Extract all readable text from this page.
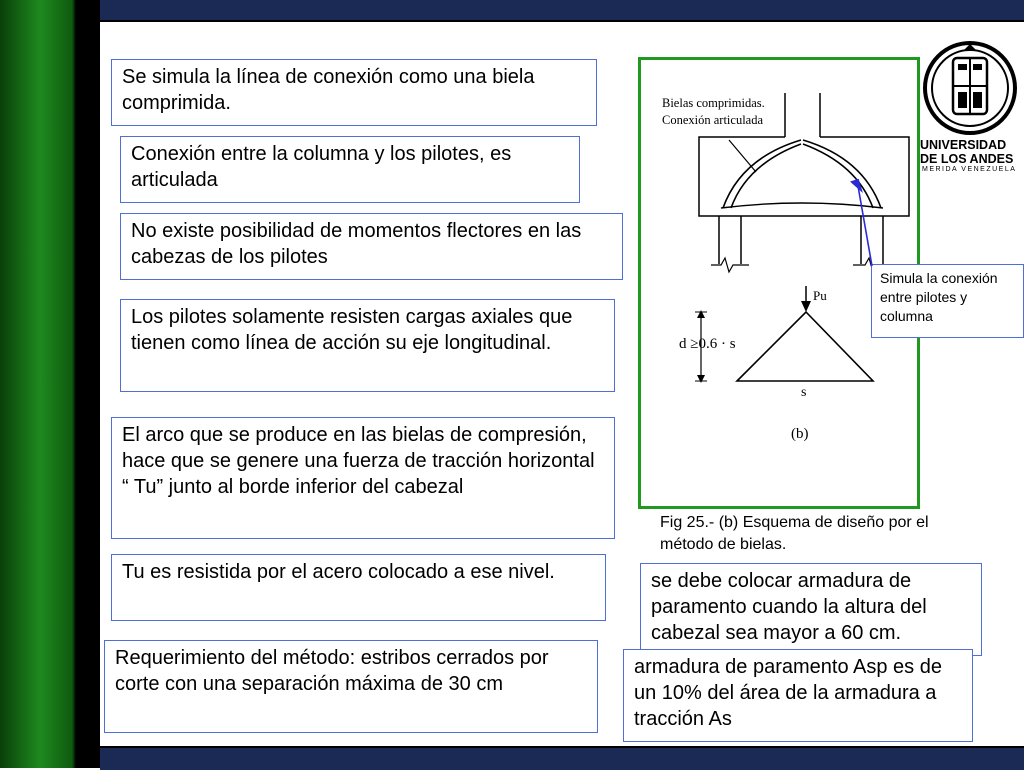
Se simula la línea de conexión como una biela comprimida.
Conexión entre la columna y los pilotes, es articulada
No existe posibilidad de momentos flectores en las cabezas de los pilotes
Los pilotes solamente resisten cargas axiales que tienen como línea de acción su eje longitudinal.
El arco que se produce en las bielas de compresión, hace que se genere una fuerza de tracción horizontal “ Tu” junto al borde inferior del cabezal
Tu es resistida por el acero colocado a ese nivel.
Requerimiento del método: estribos cerrados por corte con una separación máxima de 30 cm
se debe colocar armadura de paramento cuando la altura del cabezal sea mayor a 60 cm.
armadura de paramento Asp es de un 10% del área de la armadura a tracción As
Bielas comprimidas.
Conexión articulada
Pu
d ≥0.6 · s
s
(b)
Fig 25.- (b) Esquema de diseño por el método de bielas.
Simula la conexión entre pilotes y columna
UNIVERSIDAD
DE LOS ANDES
MERIDA VENEZUELA
